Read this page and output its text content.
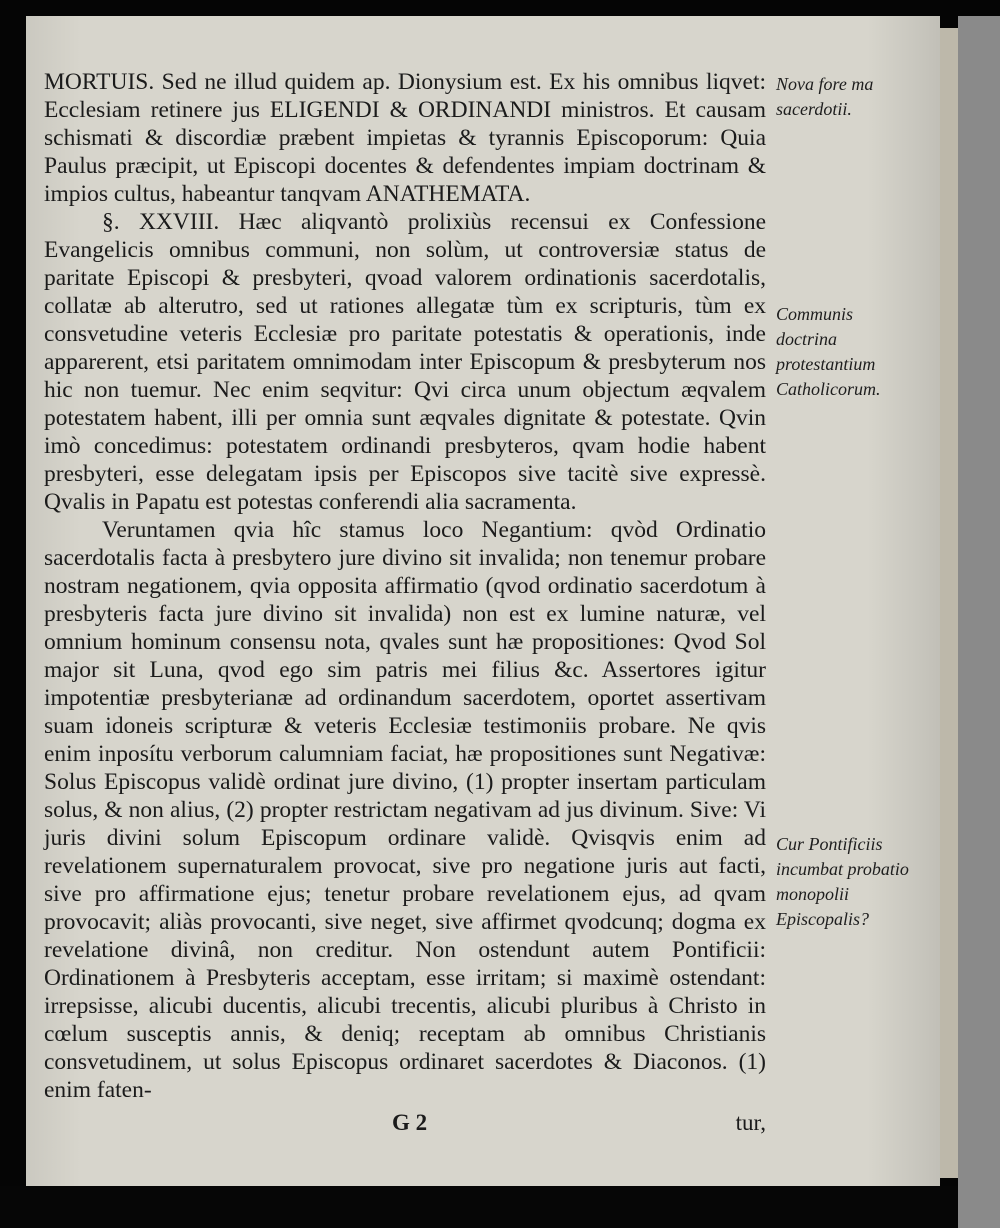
MORTUIS. Sed ne illud quidem ap. Dionysium est. Ex his omnibus liqvet: Ecclesiam retinere jus ELIGENDI & ORDINANDI ministros. Et causam schismati & discordiæ præbent impietas & tyrannis Episcoporum: Quia Paulus præcipit, ut Episcopi docentes & defendentes impiam doctrinam & impios cultus, habeantur tanqvam ANATHEMATA.

§. XXVIII. Hæc aliqvantò prolixiùs recensui ex Confessione Evangelicis omnibus communi, non solùm, ut controversiæ status de paritate Episcopi & presbyteri, qvoad valorem ordinationis sacerdotalis, collatæ ab alterutro, sed ut rationes allegatæ tùm ex scripturis, tùm ex consvetudine veteris Ecclesiæ pro paritate potestatis & operationis, inde apparerent, etsi paritatem omnimodam inter Episcopum & presbyterum nos hic non tuemur. Nec enim seqvitur: Qvi circa unum objectum æqvalem potestatem habent, illi per omnia sunt æqvales dignitate & potestate. Qvin imò concedimus: potestatem ordinandi presbyteros, qvam hodie habent presbyteri, esse delegatam ipsis per Episcopos sive tacitè sive expressè. Qvalis in Papatu est potestas conferendi alia sacramenta.

Veruntamen qvia hîc stamus loco Negantium: qvòd Ordinatio sacerdotalis facta à presbytero jure divino sit invalida; non tenemur probare nostram negationem, qvia opposita affirmatio (qvod ordinatio sacerdotum à presbyteris facta jure divino sit invalida) non est ex lumine naturæ, vel omnium hominum consensu nota, qvales sunt hæ propositiones: Qvod Sol major sit Luna, qvod ego sim patris mei filius &c. Assertores igitur impotentiæ presbyterianæ ad ordinandum sacerdotem, oportet assertivam suam idoneis scripturæ & veteris Ecclesiæ testimoniis probare. Ne qvis enim inposítu verborum calumniam faciat, hæ propositiones sunt Negativæ: Solus Episcopus validè ordinat jure divino, (1) propter insertam particulam solus, & non alius, (2) propter restrictam negativam ad jus divinum. Sive: Vi juris divini solum Episcopum ordinare validè. Qvisqvis enim ad revelationem supernaturalem provocat, sive pro negatione juris aut facti, sive pro affirmatione ejus; tenetur probare revelationem ejus, ad qvam provocavit; aliàs provocanti, sive neget, sive affirmet qvodcunq; dogma ex revelatione divinâ, non creditur. Non ostendunt autem Pontificii: Ordinationem à Presbyteris acceptam, esse irritam; si maximè ostendant: irrepsisse, alicubi ducentis, alicubi trecentis, alicubi pluribus à Christo in cœlum susceptis annis, & deniq; receptam ab omnibus Christianis consvetudinem, ut solus Episcopus ordinaret sacerdotes & Diaconos. (1) enim faten-

Nova fore ma sacerdotii.
Communis doctrina protestantium Catholicorum.
Cur Pontificiis incumbat probatio monopolii Episcopalis?
G 2	tur,
